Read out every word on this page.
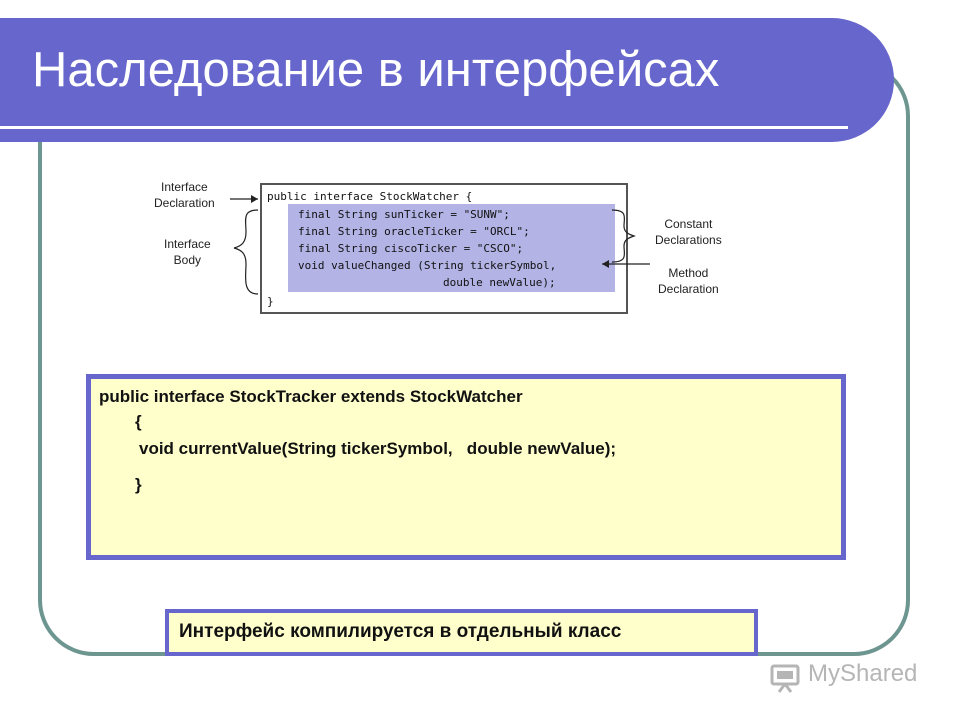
Наследование в интерфейсах
public interface StockWatcher {
final String sunTicker = "SUNW";
final String oracleTicker = "ORCL";
final String ciscoTicker = "CSCO";
void valueChanged (String tickerSymbol,
double newValue);
}
Interface
Declaration
Interface
Body
Constant
Declarations
Method
Declaration
public interface StockTracker extends StockWatcher
{
void currentValue(String tickerSymbol,   double newValue);
}
Интерфейс компилируется в отдельный класс
MyShared
